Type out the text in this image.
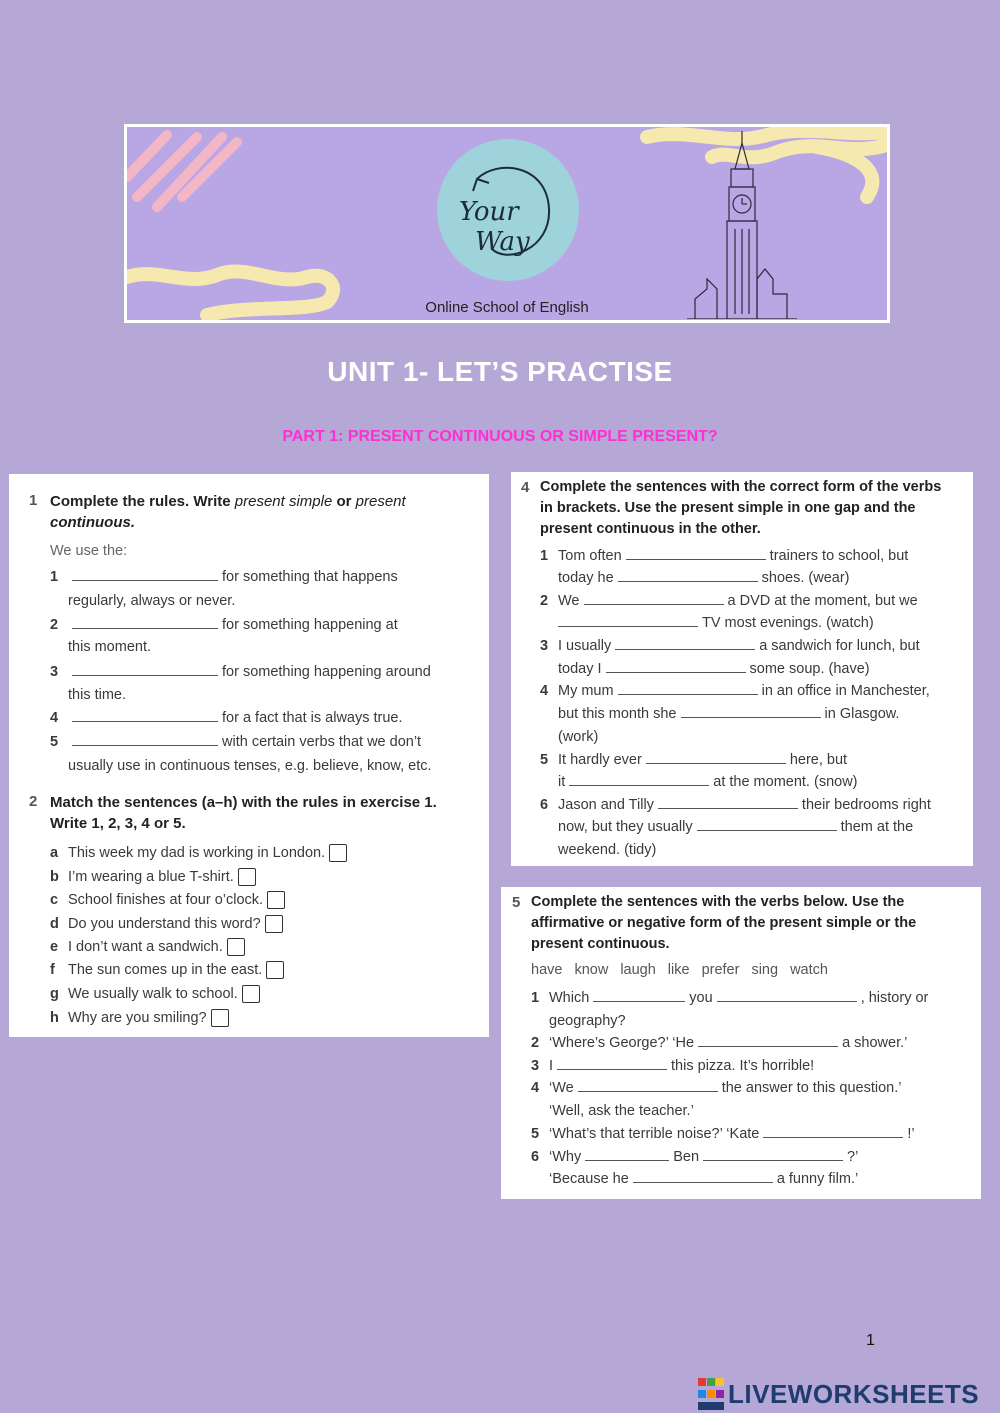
Your
Way
Online School of English
UNIT 1- LET’S PRACTISE
PART 1: PRESENT CONTINUOUS OR SIMPLE PRESENT?
1 Complete the rules. Write present simple or present
continuous.
We use the:
1	for something that happens
regularly, always or never.
2	for something happening at
this moment.
3	for something happening around
this time.
4	for a fact that is always true.
5	with certain verbs that we don’t
usually use in continuous tenses, e.g. believe, know, etc.
2 Match the sentences (a–h) with the rules in exercise 1.
Write 1, 2, 3, 4 or 5.
a This week my dad is working in London.
b I’m wearing a blue T-shirt.
c School finishes at four o’clock.
d Do you understand this word?
e I don’t want a sandwich.
f The sun comes up in the east.
g We usually walk to school.
h Why are you smiling?
4 Complete the sentences with the correct form of the verbs
in brackets. Use the present simple in one gap and the
present continuous in the other.
1 Tom often	trainers to school, but
today he	shoes. (wear)
2 We	a DVD at the moment, but we
TV most evenings. (watch)
3 I usually	a sandwich for lunch, but
today I	some soup. (have)
4 My mum	in an office in Manchester,
but this month she	in Glasgow.
(work)
5 It hardly ever	here, but
it	at the moment. (snow)
6 Jason and Tilly	their bedrooms right
now, but they usually	them at the
weekend. (tidy)
5 Complete the sentences with the verbs below. Use the
affirmative or negative form of the present simple or the
present continuous.
have know laugh like prefer sing watch
1 Which	you	, history or
geography?
2 ‘Where’s George?’ ‘He	a shower.’
3 I	this pizza. It’s horrible!
4 ‘We	the answer to this question.’
‘Well, ask the teacher.’
5 ‘What’s that terrible noise?’ ‘Kate	!’
6 ‘Why	Ben	?’
‘Because he	a funny film.’
1
LIVEWORKSHEETS
